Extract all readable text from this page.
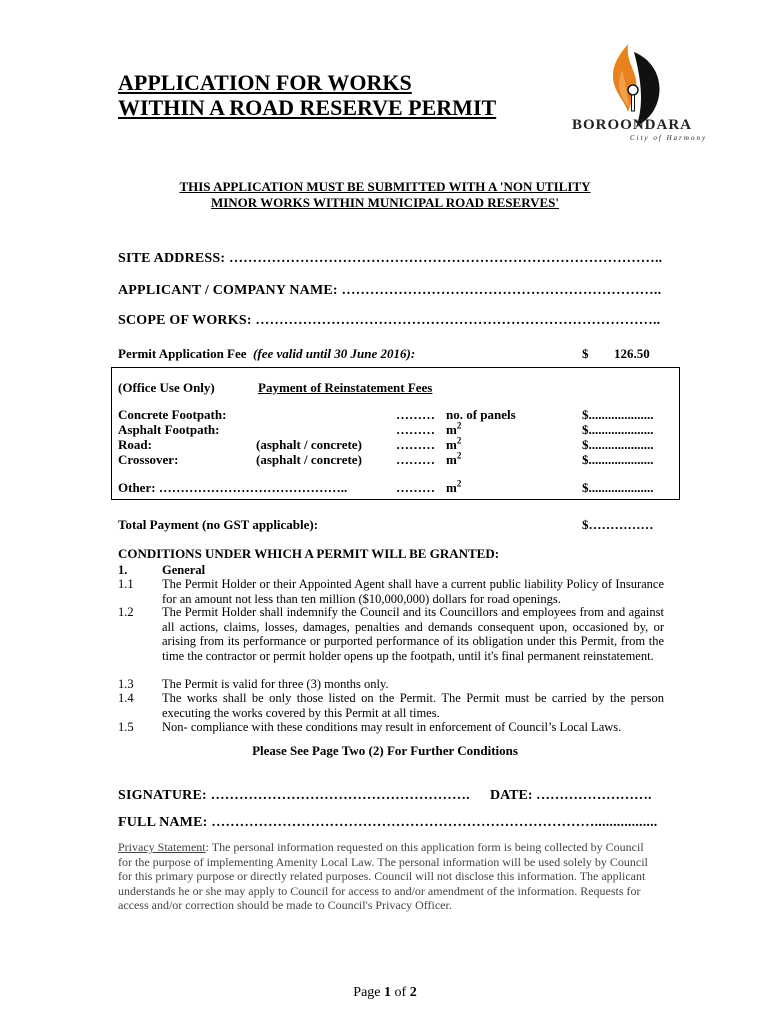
APPLICATION FOR WORKS
WITHIN A ROAD RESERVE PERMIT
BOROONDARA
City of Harmony
THIS APPLICATION MUST BE SUBMITTED WITH A 'NON UTILITY
MINOR WORKS WITHIN MUNICIPAL ROAD RESERVES'
SITE ADDRESS: ………………………………………………………………………………..
APPLICANT / COMPANY NAME: …………………………………………………………..
SCOPE OF WORKS: …………………………………………………………………………..
Permit Application Fee (fee valid until 30 June 2016):	$ 126.50
(Office Use Only)	Payment of Reinstatement Fees
Concrete Footpath:	……… no. of panels	$....................
Asphalt Footpath:	……… $m^2$	$....................
Road:	(asphalt / concrete)	……… $m^2$	$....................
Crossover:	(asphalt / concrete)	……… $m^2$	$....................
Other: ……………………………………..	……… $m^2$	$....................
Total Payment (no GST applicable):	$……………
CONDITIONS UNDER WHICH A PERMIT WILL BE GRANTED:
1.	General
1.1 The Permit Holder or their Appointed Agent shall have a current public liability Policy of Insurance for an amount not less than ten million ($10,000,000) dollars for road openings.
1.2 The Permit Holder shall indemnify the Council and its Councillors and employees from and against all actions, claims, losses, damages, penalties and demands consequent upon, occasioned by, or arising from its performance or purported performance of its obligation under this Permit, from the time the contractor or permit holder opens up the footpath, until it's final permanent reinstatement.
1.3 The Permit is valid for three (3) months only.
1.4 The works shall be only those listed on the Permit. The Permit must be carried by the person executing the works covered by this Permit at all times.
1.5 Non- compliance with these conditions may result in enforcement of Council’s Local Laws.
Please See Page Two (2) For Further Conditions
SIGNATURE: ………………………………………………. DATE: …………………….
FULL NAME: ……………………………………………………………………….................
Privacy Statement: The personal information requested on this application form is being collected by Council for the purpose of implementing Amenity Local Law. The personal information will be used solely by Council for this primary purpose or directly related purposes. Council will not disclose this information. The applicant understands he or she may apply to Council for access to and/or amendment of the information. Requests for access and/or correction should be made to Council's Privacy Officer.
Page 1 of 2
